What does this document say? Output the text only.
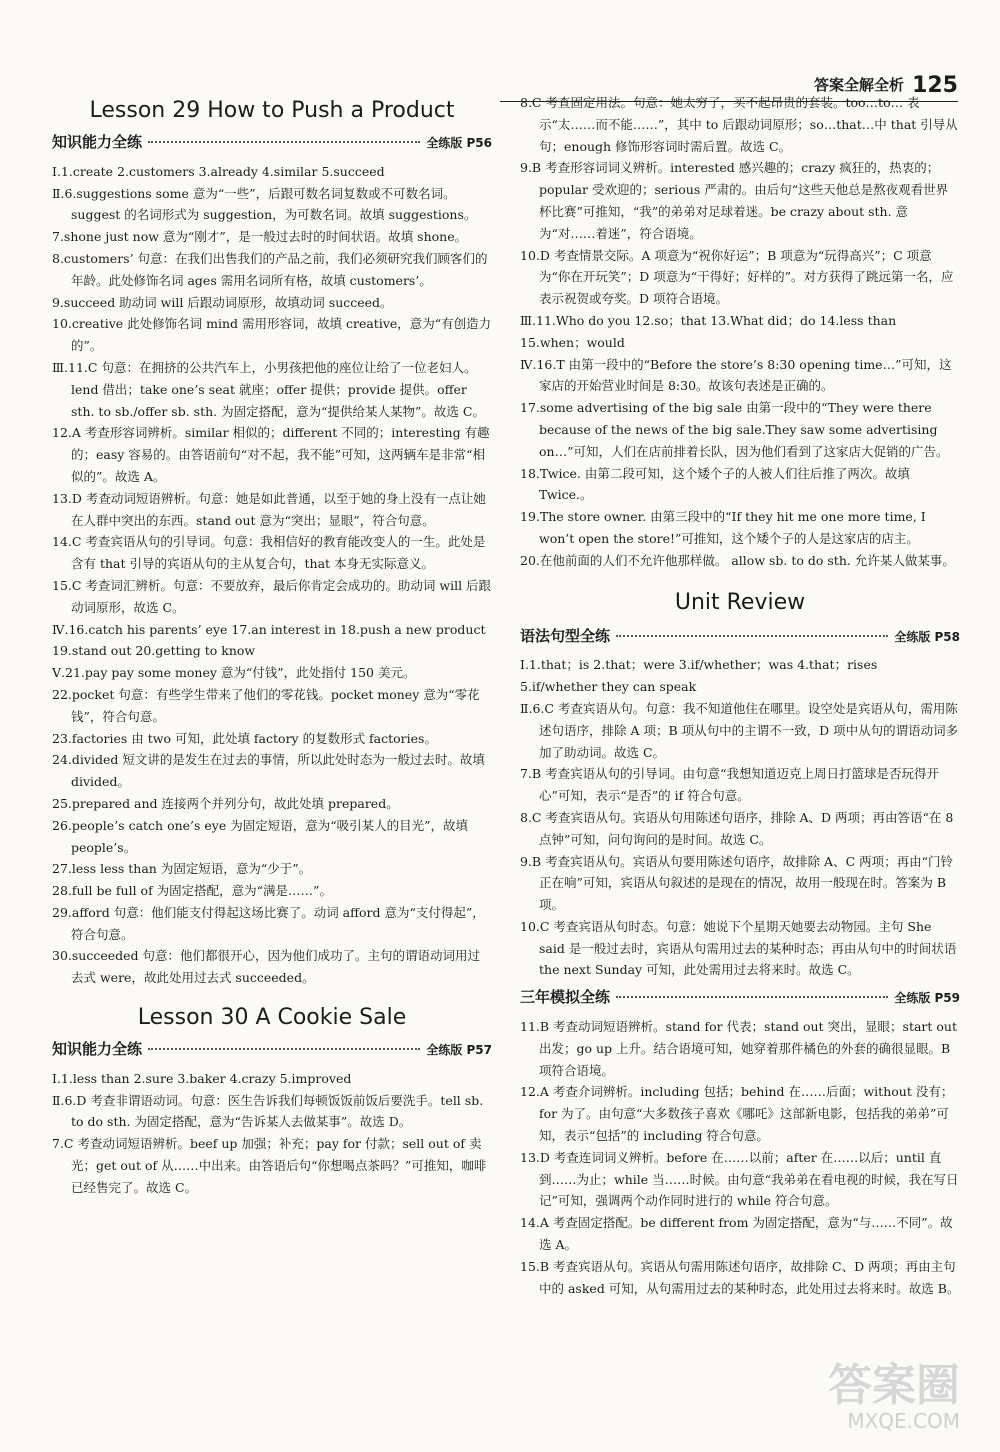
答案全解全析 125
Lesson 29 How to Push a Product
知识能力全练	全练版 P56
Ⅰ.1.create 2.customers 3.already 4.similar 5.succeed
Ⅱ.6.suggestions some 意为“一些”，后跟可数名词复数或不可数名词。suggest 的名词形式为 suggestion，为可数名词。故填 suggestions。
7.shone just now 意为“刚才”，是一般过去时的时间状语。故填 shone。
8.customers’ 句意：在我们出售我们的产品之前，我们必须研究我们顾客们的年龄。此处修饰名词 ages 需用名词所有格，故填 customers’。
9.succeed 助动词 will 后跟动词原形，故填动词 succeed。
10.creative 此处修饰名词 mind 需用形容词，故填 creative，意为“有创造力的”。
Ⅲ.11.C 句意：在拥挤的公共汽车上，小男孩把他的座位让给了一位老妇人。lend 借出；take one’s seat 就座；offer 提供；provide 提供。offer sth. to sb./offer sb. sth. 为固定搭配，意为“提供给某人某物”。故选 C。
12.A 考查形容词辨析。similar 相似的；different 不同的；interesting 有趣的；easy 容易的。由答语前句“对不起，我不能”可知，这两辆车是非常“相似的”。故选 A。
13.D 考查动词短语辨析。句意：她是如此普通，以至于她的身上没有一点让她在人群中突出的东西。stand out 意为“突出；显眼”，符合句意。
14.C 考查宾语从句的引导词。句意：我相信好的教育能改变人的一生。此处是含有 that 引导的宾语从句的主从复合句，that 本身无实际意义。
15.C 考查词汇辨析。句意：不要放弃，最后你肯定会成功的。助动词 will 后跟动词原形，故选 C。
Ⅳ.16.catch his parents’ eye 17.an interest in 18.push a new product
19.stand out 20.getting to know
Ⅴ.21.pay pay some money 意为“付钱”，此处指付 150 美元。
22.pocket 句意：有些学生带来了他们的零花钱。pocket money 意为“零花钱”，符合句意。
23.factories 由 two 可知，此处填 factory 的复数形式 factories。
24.divided 短文讲的是发生在过去的事情，所以此处时态为一般过去时。故填 divided。
25.prepared and 连接两个并列分句，故此处填 prepared。
26.people’s catch one’s eye 为固定短语，意为“吸引某人的目光”，故填 people’s。
27.less less than 为固定短语，意为“少于”。
28.full be full of 为固定搭配，意为“满是……”。
29.afford 句意：他们能支付得起这场比赛了。动词 afford 意为“支付得起”，符合句意。
30.succeeded 句意：他们都很开心，因为他们成功了。主句的谓语动词用过去式 were，故此处用过去式 succeeded。
Lesson 30 A Cookie Sale
知识能力全练	全练版 P57
Ⅰ.1.less than 2.sure 3.baker 4.crazy 5.improved
Ⅱ.6.D 考查非谓语动词。句意：医生告诉我们每顿饭饭前饭后要洗手。tell sb. to do sth. 为固定搭配，意为“告诉某人去做某事”。故选 D。
7.C 考查动词短语辨析。beef up 加强；补充；pay for 付款；sell out of 卖光；get out of 从……中出来。由答语后句“你想喝点茶吗？”可推知，咖啡已经售完了。故选 C。
8.C 考查固定用法。句意：她太穷了，买不起昂贵的套装。too…to… 表示“太……而不能……”，其中 to 后跟动词原形；so…that…中 that 引导从句；enough 修饰形容词时需后置。故选 C。
9.B 考查形容词词义辨析。interested 感兴趣的；crazy 疯狂的，热衷的；popular 受欢迎的；serious 严肃的。由后句“这些天他总是熬夜观看世界杯比赛”可推知，“我”的弟弟对足球着迷。be crazy about sth. 意为“对……着迷”，符合语境。
10.D 考查情景交际。A 项意为“祝你好运”；B 项意为“玩得高兴”；C 项意为“你在开玩笑”；D 项意为“干得好；好样的”。对方获得了跳远第一名，应表示祝贺或夸奖。D 项符合语境。
Ⅲ.11.Who do you 12.so；that 13.What did；do 14.less than
15.when；would
Ⅳ.16.T 由第一段中的“Before the store’s 8:30 opening time…”可知，这家店的开始营业时间是 8:30。故该句表述是正确的。
17.some advertising of the big sale 由第一段中的“They were there because of the news of the big sale.They saw some advertising on…”可知，人们在店前排着长队，因为他们看到了这家店大促销的广告。
18.Twice. 由第二段可知，这个矮个子的人被人们往后推了两次。故填 Twice.。
19.The store owner. 由第三段中的“If they hit me one more time, I won’t open the store!”可推知，这个矮个子的人是这家店的店主。
20.在他前面的人们不允许他那样做。 allow sb. to do sth. 允许某人做某事。
Unit Review
语法句型全练	全练版 P58
Ⅰ.1.that；is 2.that；were 3.if/whether；was 4.that；rises
5.if/whether they can speak
Ⅱ.6.C 考查宾语从句。句意：我不知道他住在哪里。设空处是宾语从句，需用陈述句语序，排除 A 项；B 项从句中的主谓不一致，D 项中从句的谓语动词多加了助动词。故选 C。
7.B 考查宾语从句的引导词。由句意“我想知道迈克上周日打篮球是否玩得开心”可知，表示“是否”的 if 符合句意。
8.C 考查宾语从句。宾语从句用陈述句语序，排除 A、D 两项；再由答语“在 8 点钟”可知，问句询问的是时间。故选 C。
9.B 考查宾语从句。宾语从句要用陈述句语序，故排除 A、C 两项；再由“门铃正在响”可知，宾语从句叙述的是现在的情况，故用一般现在时。答案为 B 项。
10.C 考查宾语从句时态。句意：她说下个星期天她要去动物园。主句 She said 是一般过去时，宾语从句需用过去的某种时态；再由从句中的时间状语 the next Sunday 可知，此处需用过去将来时。故选 C。
三年模拟全练	全练版 P59
11.B 考查动词短语辨析。stand for 代表；stand out 突出，显眼；start out 出发；go up 上升。结合语境可知，她穿着那件橘色的外套的确很显眼。B 项符合语境。
12.A 考查介词辨析。including 包括；behind 在……后面；without 没有；for 为了。由句意“大多数孩子喜欢《哪吒》这部新电影，包括我的弟弟”可知，表示“包括”的 including 符合句意。
13.D 考查连词词义辨析。before 在……以前；after 在……以后；until 直到……为止；while 当……时候。由句意“我弟弟在看电视的时候，我在写日记”可知，强调两个动作同时进行的 while 符合句意。
14.A 考查固定搭配。be different from 为固定搭配，意为“与……不同”。故选 A。
15.B 考查宾语从句。宾语从句需用陈述句语序，故排除 C、D 两项；再由主句中的 asked 可知，从句需用过去的某种时态，此处用过去将来时。故选 B。
答案圈
MXQE.COM
